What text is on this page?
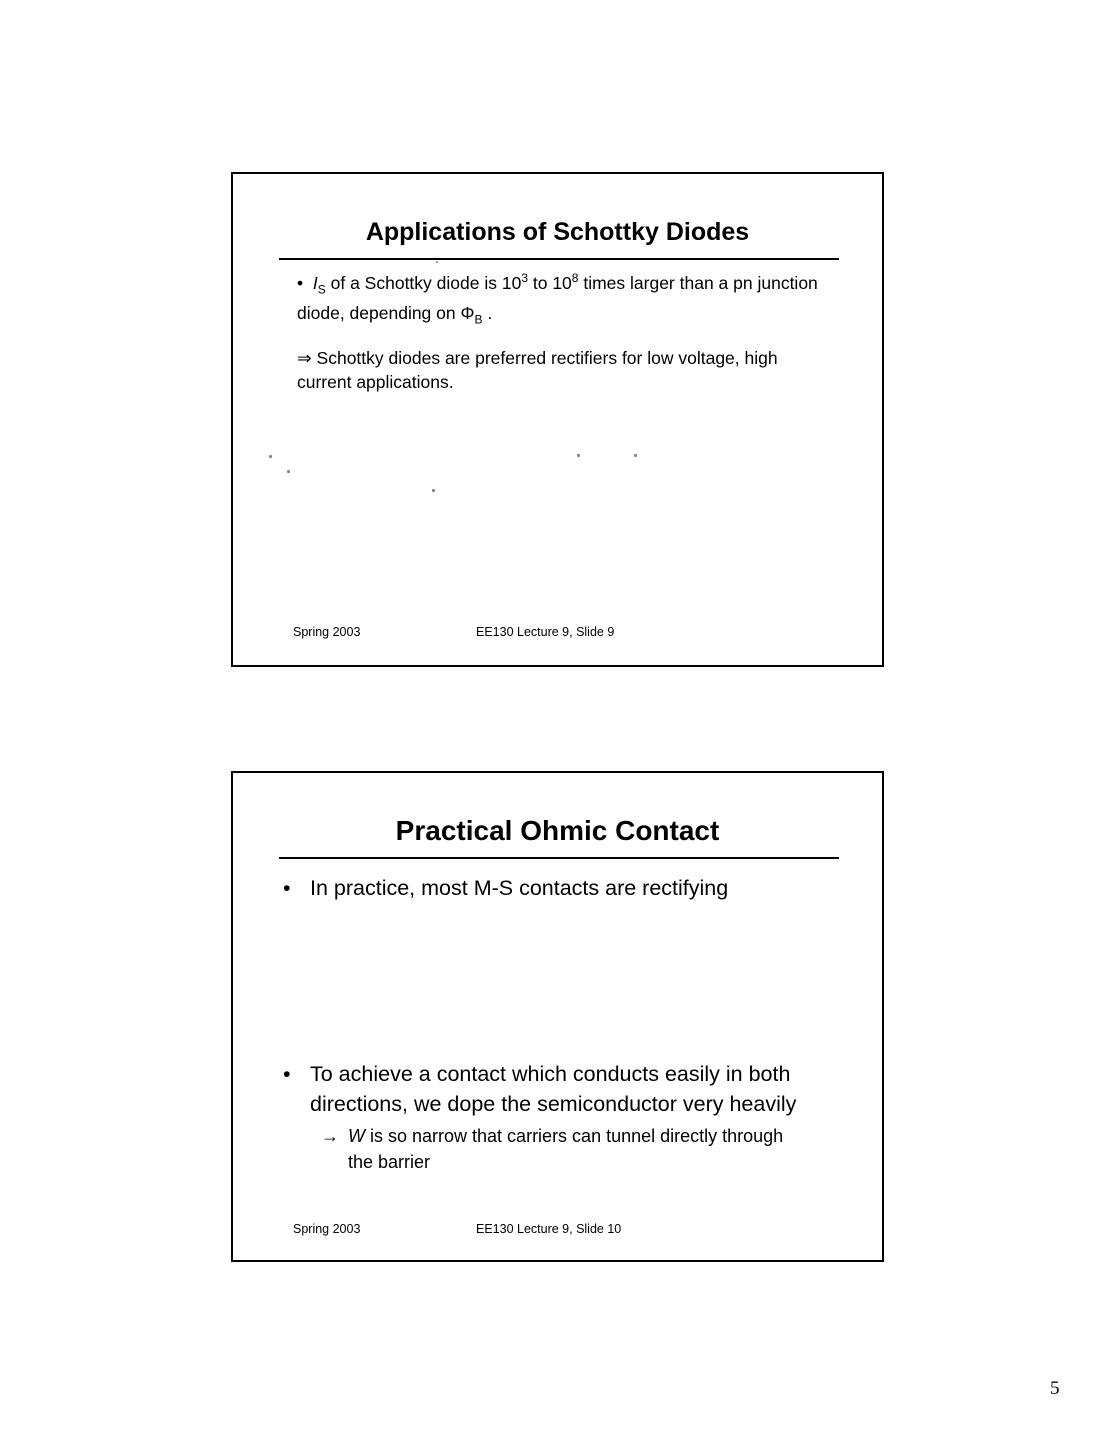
Applications of Schottky Diodes

• $I_S$ of a Schottky diode is $10^3$ to $10^8$ times larger than a pn junction diode, depending on $\Phi_B$ .

⇒ Schottky diodes are preferred rectifiers for low voltage, high current applications.

Spring 2003	EE130 Lecture 9, Slide 9
Practical Ohmic Contact
• In practice, most M-S contacts are rectifying
• To achieve a contact which conducts easily in both directions, we dope the semiconductor very heavily
→ W is so narrow that carriers can tunnel directly through the barrier
Spring 2003	EE130 Lecture 9, Slide 10
5
